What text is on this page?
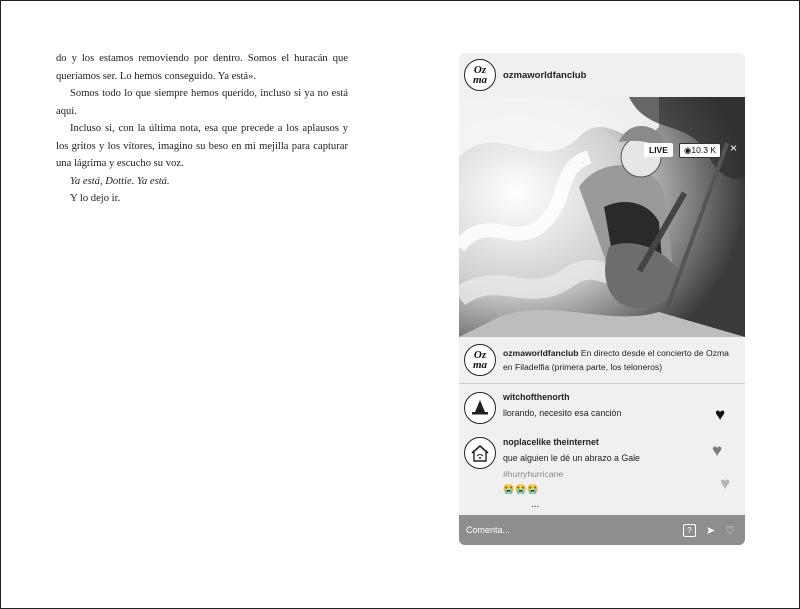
do y los estamos removiendo por dentro. Somos el huracán que queríamos ser. Lo hemos conseguido. Ya está».

Somos todo lo que siempre hemos querido, incluso si ya no está aquí.

Incluso si, con la última nota, esa que precede a los aplausos y los gritos y los vítores, imagino su beso en mi mejilla para capturar una lágrima y escucho su voz.

Ya está, Dottie. Ya está.

Y lo dejo ir.

Oz
ma ozmaworldfanclub
LIVE	◉10.3 K	×
Oz
ma
ozmaworldfanclub En directo desde el concierto de Ozma en Filadelfia (primera parte, los teloneros)
witchofthenorth
llorando, necesito esa canción
noplacelike theinternet
que alguien le dé un abrazo a Gale
#hurryhurricane
😭😭😭
...
♥
♥
♥
Comenta...	?	➤ ♡
